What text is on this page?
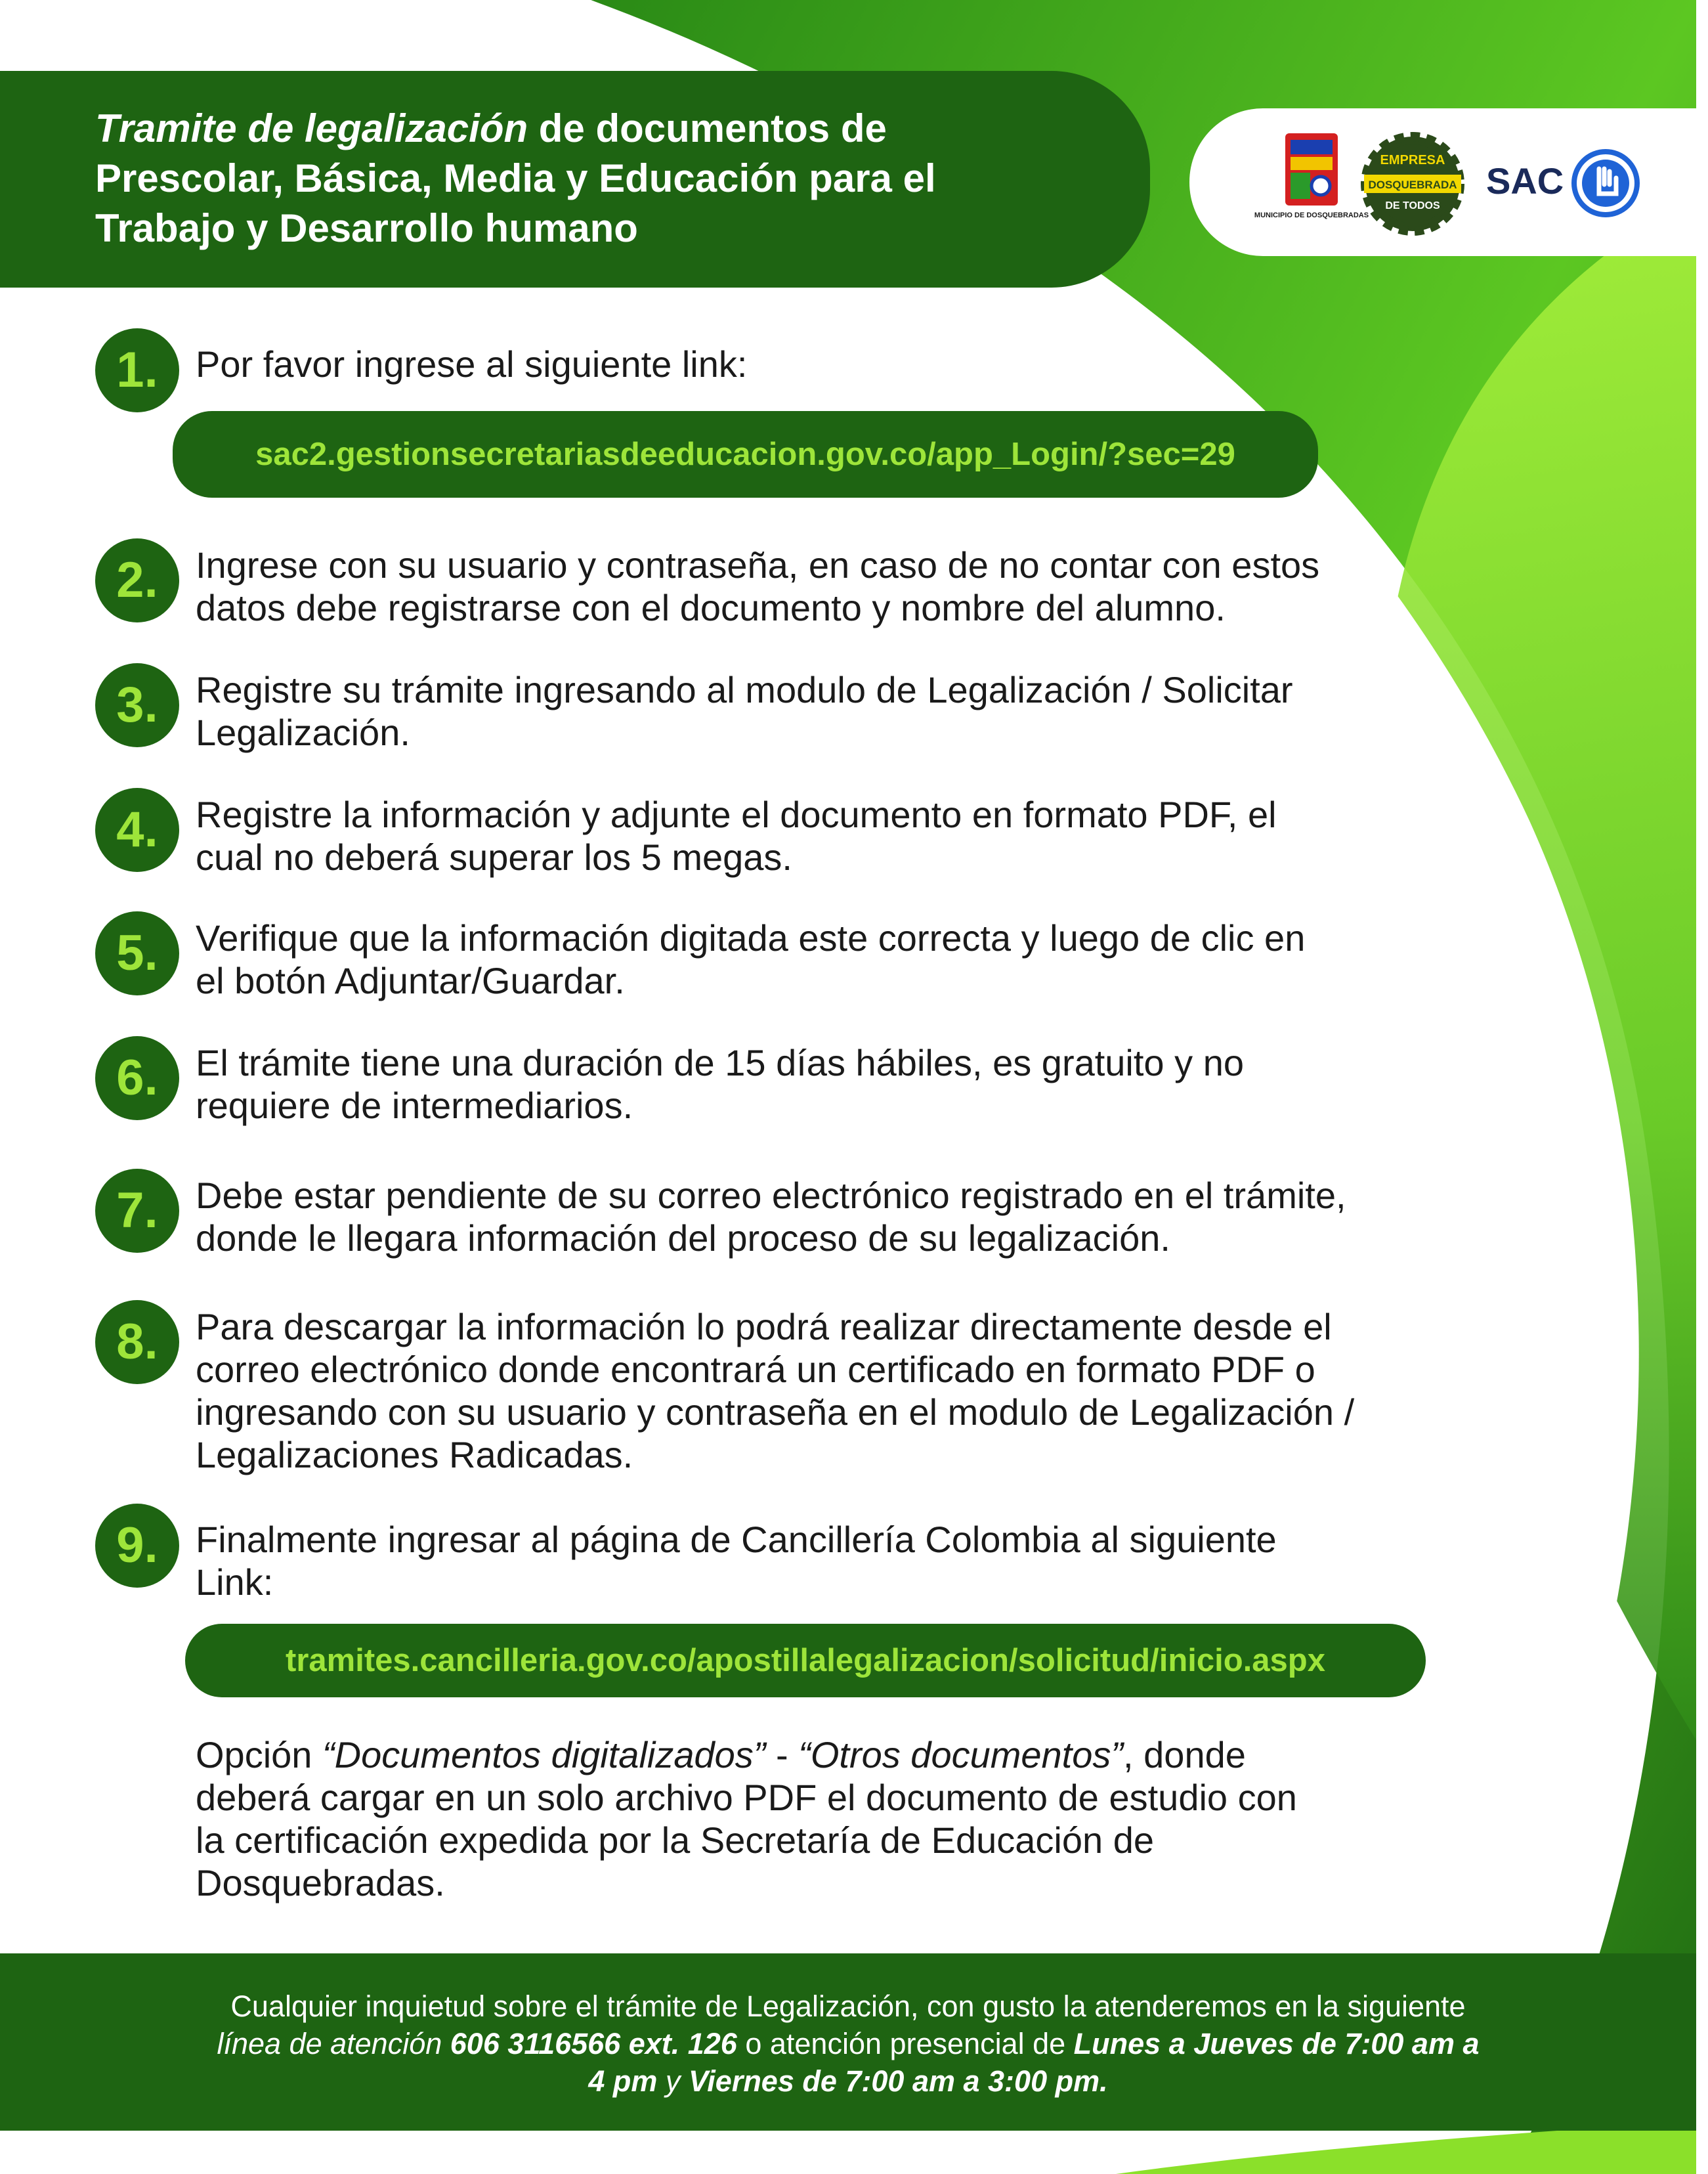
Tramite de legalización de documentos de
Prescolar, Básica, Media y Educación para el
Trabajo y Desarrollo humano	MUNICIPIO DE DOSQUEBRADAS
EMPRESA
DOSQUEBRADA
DE TODOS
SAC
1.	Por favor ingrese al siguiente link:
sac2.gestionsecretariasdeeducacion.gov.co/app_Login/?sec=29
2.	Ingrese con su usuario y contraseña, en caso de no contar con estos
datos debe registrarse con el documento y nombre del alumno.
3.	Registre su trámite ingresando al modulo de Legalización / Solicitar
Legalización.
4.	Registre la información y adjunte el documento en formato PDF, el
cual no deberá superar los 5 megas.
5.	Verifique que la información digitada este correcta y luego de clic en
el botón Adjuntar/Guardar.
6.	El trámite tiene una duración de 15 días hábiles, es gratuito y no
requiere de intermediarios.
7.	Debe estar pendiente de su correo electrónico registrado en el trámite,
donde le llegara información del proceso de su legalización.
8.	Para descargar la información lo podrá realizar directamente desde el
correo electrónico donde encontrará un certificado en formato PDF o
ingresando con su usuario y contraseña en el modulo de Legalización /
Legalizaciones Radicadas.
9.	Finalmente ingresar al página de Cancillería Colombia al siguiente
Link:
tramites.cancilleria.gov.co/apostillalegalizacion/solicitud/inicio.aspx
Opción “Documentos digitalizados” - “Otros documentos”, donde
deberá cargar en un solo archivo PDF el documento de estudio con
la certificación expedida por la Secretaría de Educación de
Dosquebradas.

Cualquier inquietud sobre el trámite de Legalización, con gusto la atenderemos en la siguiente
línea de atención 606 3116566 ext. 126 o atención presencial de Lunes a Jueves de 7:00 am a
4 pm y Viernes de 7:00 am a 3:00 pm.
